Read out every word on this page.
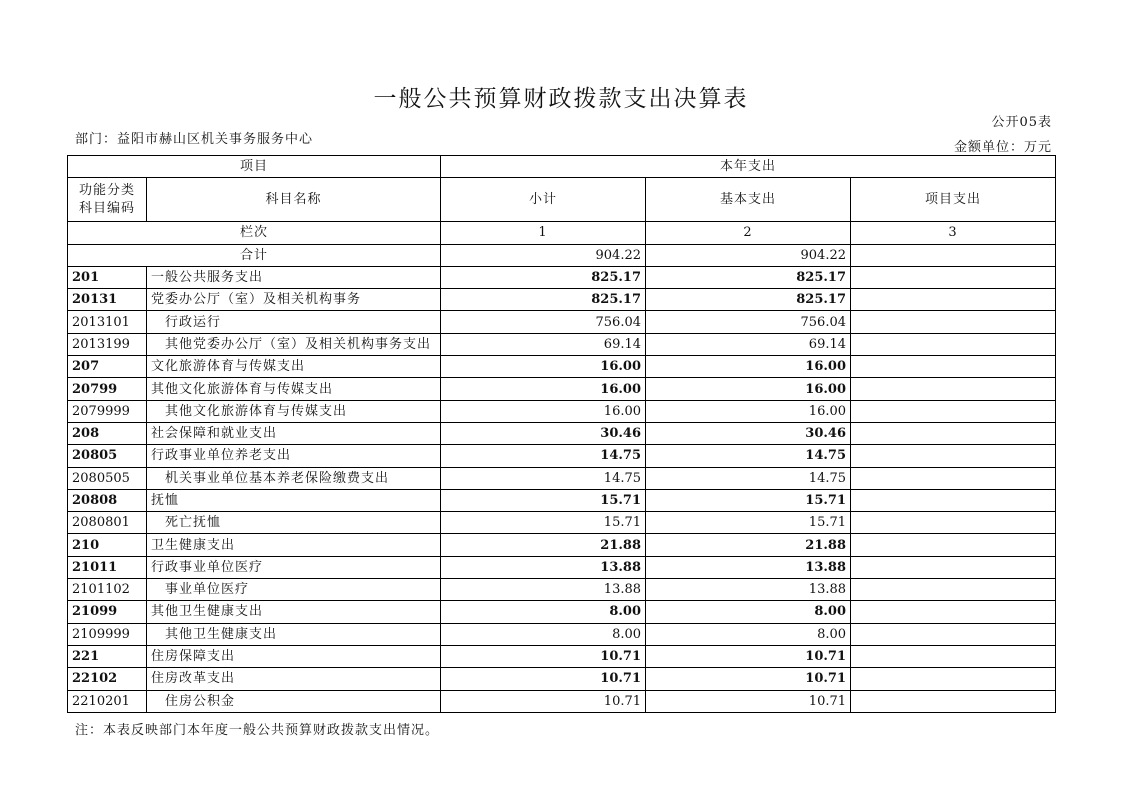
一般公共预算财政拨款支出决算表
公开05表
部门：益阳市赫山区机关事务服务中心
金额单位：万元
项目		本年支出		
功能分类
科目编码	科目名称	小计	基本支出	项目支出
栏次		1	2	3
合计		904.22	904.22	
201	一般公共服务支出	825.17	825.17	
20131	党委办公厅（室）及相关机构事务	825.17	825.17	
2013101	行政运行	756.04	756.04	
2013199	其他党委办公厅（室）及相关机构事务支出	69.14	69.14	
207	文化旅游体育与传媒支出	16.00	16.00	
20799	其他文化旅游体育与传媒支出	16.00	16.00	
2079999	其他文化旅游体育与传媒支出	16.00	16.00	
208	社会保障和就业支出	30.46	30.46	
20805	行政事业单位养老支出	14.75	14.75	
2080505	机关事业单位基本养老保险缴费支出	14.75	14.75	
20808	抚恤	15.71	15.71	
2080801	死亡抚恤	15.71	15.71	
210	卫生健康支出	21.88	21.88	
21011	行政事业单位医疗	13.88	13.88	
2101102	事业单位医疗	13.88	13.88	
21099	其他卫生健康支出	8.00	8.00	
2109999	其他卫生健康支出	8.00	8.00	
221	住房保障支出	10.71	10.71	
22102	住房改革支出	10.71	10.71	
2210201	住房公积金	10.71	10.71	
注：本表反映部门本年度一般公共预算财政拨款支出情况。
